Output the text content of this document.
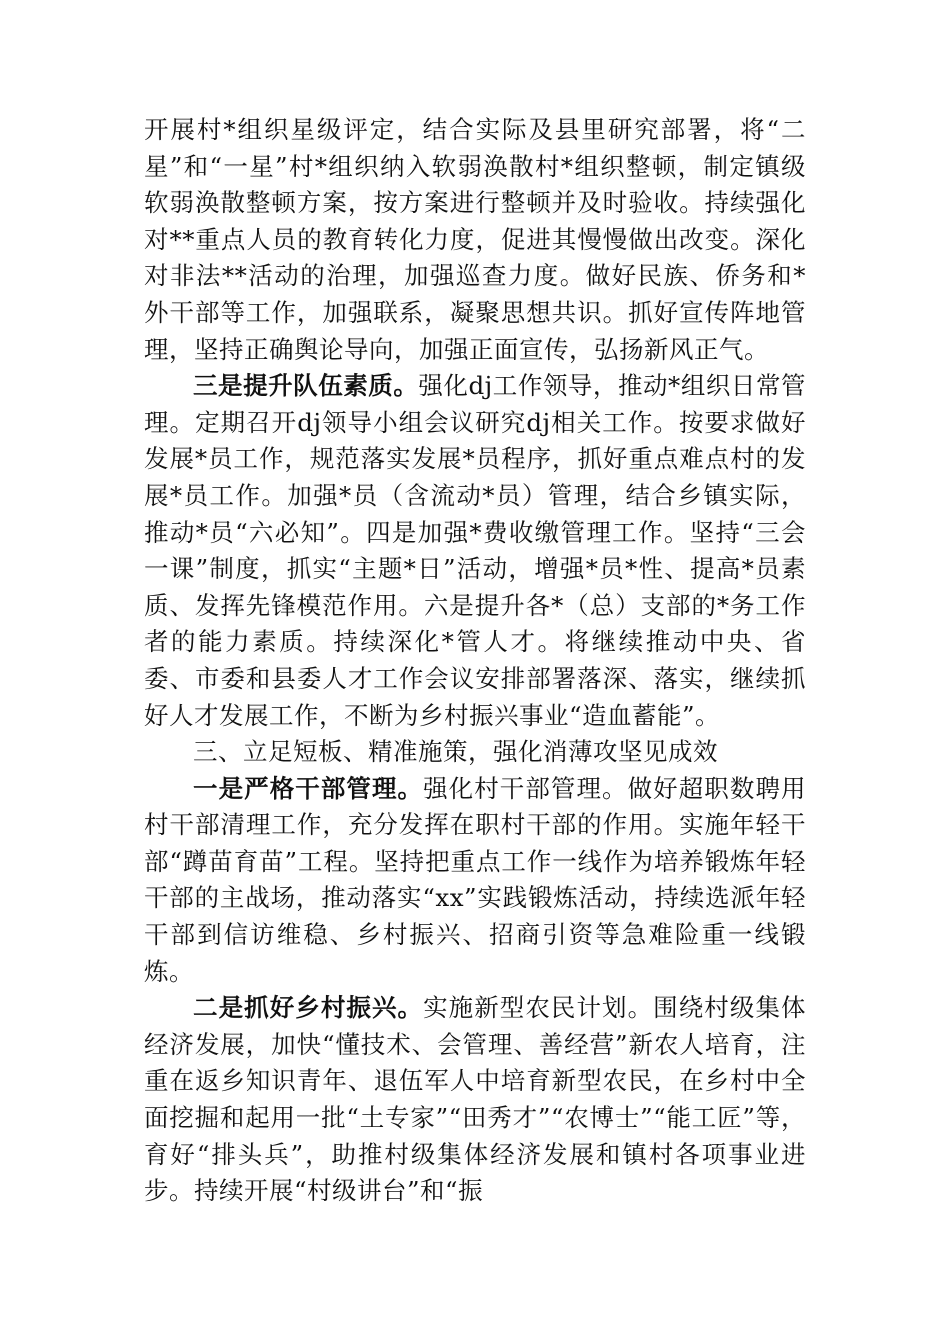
开展村*组织星级评定，结合实际及县里研究部署，将“二星”和“一星”村*组织纳入软弱涣散村*组织整顿，制定镇级软弱涣散整顿方案，按方案进行整顿并及时验收。持续强化对**重点人员的教育转化力度，促进其慢慢做出改变。深化对非法**活动的治理，加强巡查力度。做好民族、侨务和*外干部等工作，加强联系，凝聚思想共识。抓好宣传阵地管理，坚持正确舆论导向，加强正面宣传，弘扬新风正气。

三是提升队伍素质。强化dj工作领导，推动*组织日常管理。定期召开dj领导小组会议研究dj相关工作。按要求做好发展*员工作，规范落实发展*员程序，抓好重点难点村的发展*员工作。加强*员（含流动*员）管理，结合乡镇实际，推动*员“六必知”。四是加强*费收缴管理工作。坚持“三会一课”制度，抓实“主题*日”活动，增强*员*性、提高*员素质、发挥先锋模范作用。六是提升各*（总）支部的*务工作者的能力素质。持续深化*管人才。将继续推动中央、省委、市委和县委人才工作会议安排部署落深、落实，继续抓好人才发展工作，不断为乡村振兴事业“造血蓄能”。

三、立足短板、精准施策，强化消薄攻坚见成效

一是严格干部管理。强化村干部管理。做好超职数聘用村干部清理工作，充分发挥在职村干部的作用。实施年轻干部“蹲苗育苗”工程。坚持把重点工作一线作为培养锻炼年轻干部的主战场，推动落实“xx”实践锻炼活动，持续选派年轻干部到信访维稳、乡村振兴、招商引资等急难险重一线锻炼。

二是抓好乡村振兴。实施新型农民计划。围绕村级集体经济发展，加快“懂技术、会管理、善经营”新农人培育，注重在返乡知识青年、退伍军人中培育新型农民，在乡村中全面挖掘和起用一批“土专家”“田秀才”“农博士”“能工匠”等，育好“排头兵”，助推村级集体经济发展和镇村各项事业进步。持续开展“村级讲台”和“振
